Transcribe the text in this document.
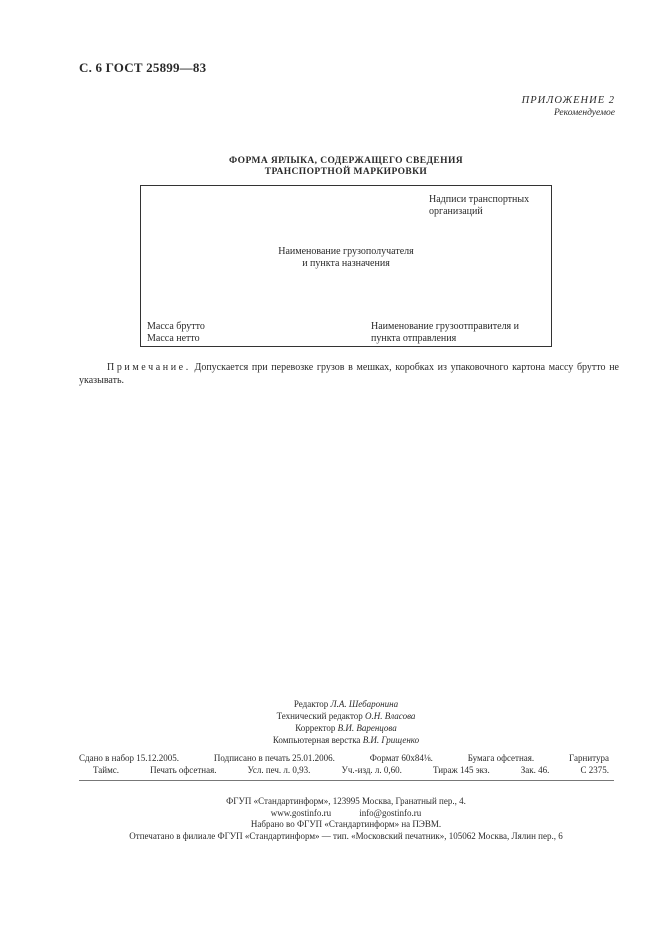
С. 6 ГОСТ 25899—83
ПРИЛОЖЕНИЕ 2
Рекомендуемое
ФОРМА ЯРЛЫКА, СОДЕРЖАЩЕГО СВЕДЕНИЯ
ТРАНСПОРТНОЙ МАРКИРОВКИ
Надписи транспортных
организаций
Наименование грузополучателя
и пункта назначения
Масса брутто
Масса нетто
Наименование грузоотправителя и
пункта отправления
Примечание. Допускается при перевозке грузов в мешках, коробках из упаковочного картона массу брутто не указывать.
Редактор Л.А. Шебаронина
Технический редактор О.Н. Власова
Корректор В.И. Варенцова
Компьютерная верстка В.И. Грищенко
Сдано в набор 15.12.2005.	Подписано в печать 25.01.2006.	Формат 60x84⅛.	Бумага офсетная.	Гарнитура
Таймс.	Печать офсетная.	Усл. печ. л. 0,93.	Уч.-изд. л. 0,60.	Тираж 145 экз.	Зак. 46.	С 2375.
ФГУП «Стандартинформ», 123995 Москва, Гранатный пер., 4.
www.gostinfo.ru	info@gostinfo.ru
Набрано во ФГУП «Стандартинформ» на ПЭВМ.
Отпечатано в филиале ФГУП «Стандартинформ» — тип. «Московский печатник», 105062 Москва, Лялин пер., 6
